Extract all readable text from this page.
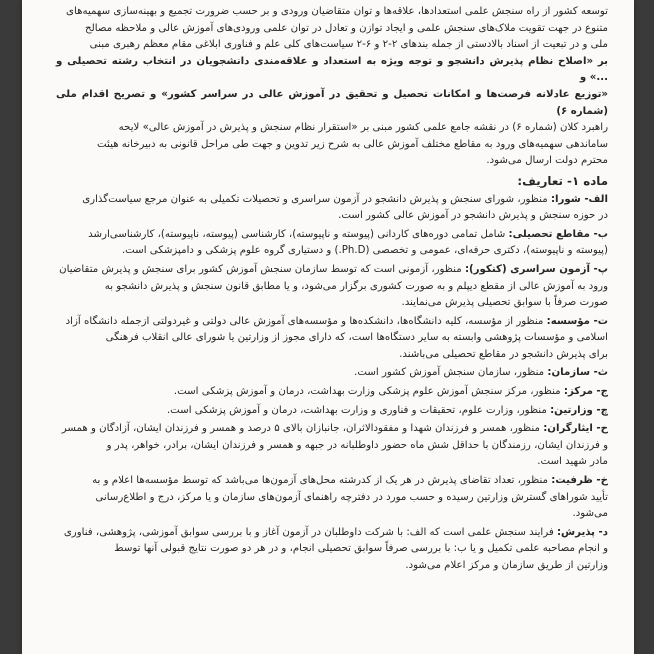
توسعه کشور از راه سنجش علمی استعدادها، علاقه‌ها و توان متقاضیان ورودی و بر حسب ضرورت تجمیع و بهینه‌سازی سهمیه‌های

متنوع در جهت تقویت ملاک‌های سنجش علمی و ایجاد توازن و تعادل در توان علمی ورودی‌های آموزش عالی و ملاحظه مصالح

ملی و در تبعیت از اسناد بالادستی از جمله بندهای ۲-۲ و ۶-۲ سیاست‌های کلی علم و فناوری ابلاغی مقام معظم رهبری مبنی

بر «اصلاح نظام پذیرش دانشجو و توجه ویژه به استعداد و علاقه‌مندی دانشجویان در انتخاب رشته تحصیلی و ...» و

«توزیع عادلانه فرصت‌ها و امکانات تحصیل و تحقیق در آموزش عالی در سراسر کشور» و تصریح اقدام ملی (شماره ۶)

راهبرد کلان (شماره ۶) در نقشه جامع علمی کشور مبنی بر «استقرار نظام سنجش و پذیرش در آموزش عالی» لایحه

ساماندهی سهمیه‌های ورود به مقاطع مختلف آموزش عالی به شرح زیر تدوین و جهت طی مراحل قانونی به دبیرخانه هیئت

محترم دولت ارسال می‌شود.

ماده ۱- تعاریف:

الف- شورا: منظور، شورای سنجش و پذیرش دانشجو در آزمون سراسری و تحصیلات تکمیلی به عنوان مرجع سیاست‌گذاری

در حوزه سنجش و پذیرش دانشجو در آموزش عالی کشور است.

ب- مقاطع تحصیلی: شامل تمامی دوره‌های کاردانی (پیوسته و ناپیوسته)، کارشناسی (پیوسته، ناپیوسته)، کارشناسی‌ارشد

(پیوسته و ناپیوسته)، دکتری حرفه‌ای، عمومی و تخصصی (Ph.D.) و دستیاری گروه علوم پزشکی و دامپزشکی است.

پ- آزمون سراسری (کنکور): منظور، آزمونی است که توسط سازمان سنجش آموزش کشور برای سنجش و پذیرش متقاضیان

ورود به آموزش عالی از مقطع دیپلم و به صورت کشوری برگزار می‌شود، و یا مطابق قانون سنجش و پذیرش دانشجو به

صورت صرفاً با سوابق تحصیلی پذیرش می‌نمایند.

ت- مؤسسه: منظور از مؤسسه، کلیه دانشگاه‌ها، دانشکده‌ها و مؤسسه‌های آموزش عالی دولتی و غیردولتی ازجمله دانشگاه آزاد

اسلامی و مؤسسات پژوهشی وابسته به سایر دستگاه‌ها است، که دارای مجوز از وزارتین یا شورای عالی انقلاب فرهنگی

برای پذیرش دانشجو در مقاطع تحصیلی می‌باشند.

ث- سازمان: منظور، سازمان سنجش آموزش کشور است.

ج- مرکز: منظور، مرکز سنجش آموزش علوم پزشکی وزارت بهداشت، درمان و آموزش پزشکی است.

چ- وزارتین: منظور، وزارت علوم، تحقیقات و فناوری و وزارت بهداشت، درمان و آموزش پزشکی است.

ح- ایثارگران: منظور، همسر و فرزندان شهدا و مفقودالاثران، جانبازان بالای ۵ درصد و همسر و فرزندان ایشان، آزادگان و همسر

و فرزندان ایشان، رزمندگان با حداقل شش ماه حضور داوطلبانه در جبهه و همسر و فرزندان ایشان، برادر، خواهر، پدر و

مادر شهید است.

خ- ظرفیت: منظور، تعداد تقاضای پذیرش در هر یک از کدرشته محل‌های آزمون‌ها می‌باشد که توسط مؤسسه‌ها اعلام و به

تأیید شوراهای گسترش وزارتین رسیده و حسب مورد در دفترچه راهنمای آزمون‌های سازمان و یا مرکز، درج و اطلاع‌رسانی

می‌شود.

د- پذیرش: فرایند سنجش علمی است که الف: با شرکت داوطلبان در آزمون آغاز و با بررسی سوابق آموزشی، پژوهشی، فناوری

و انجام مصاحبه علمی تکمیل و یا ب: با بررسی صرفاً سوابق تحصیلی انجام، و در هر دو صورت نتایج قبولی آنها توسط

وزارتین از طریق سازمان و مرکز اعلام می‌شود.
